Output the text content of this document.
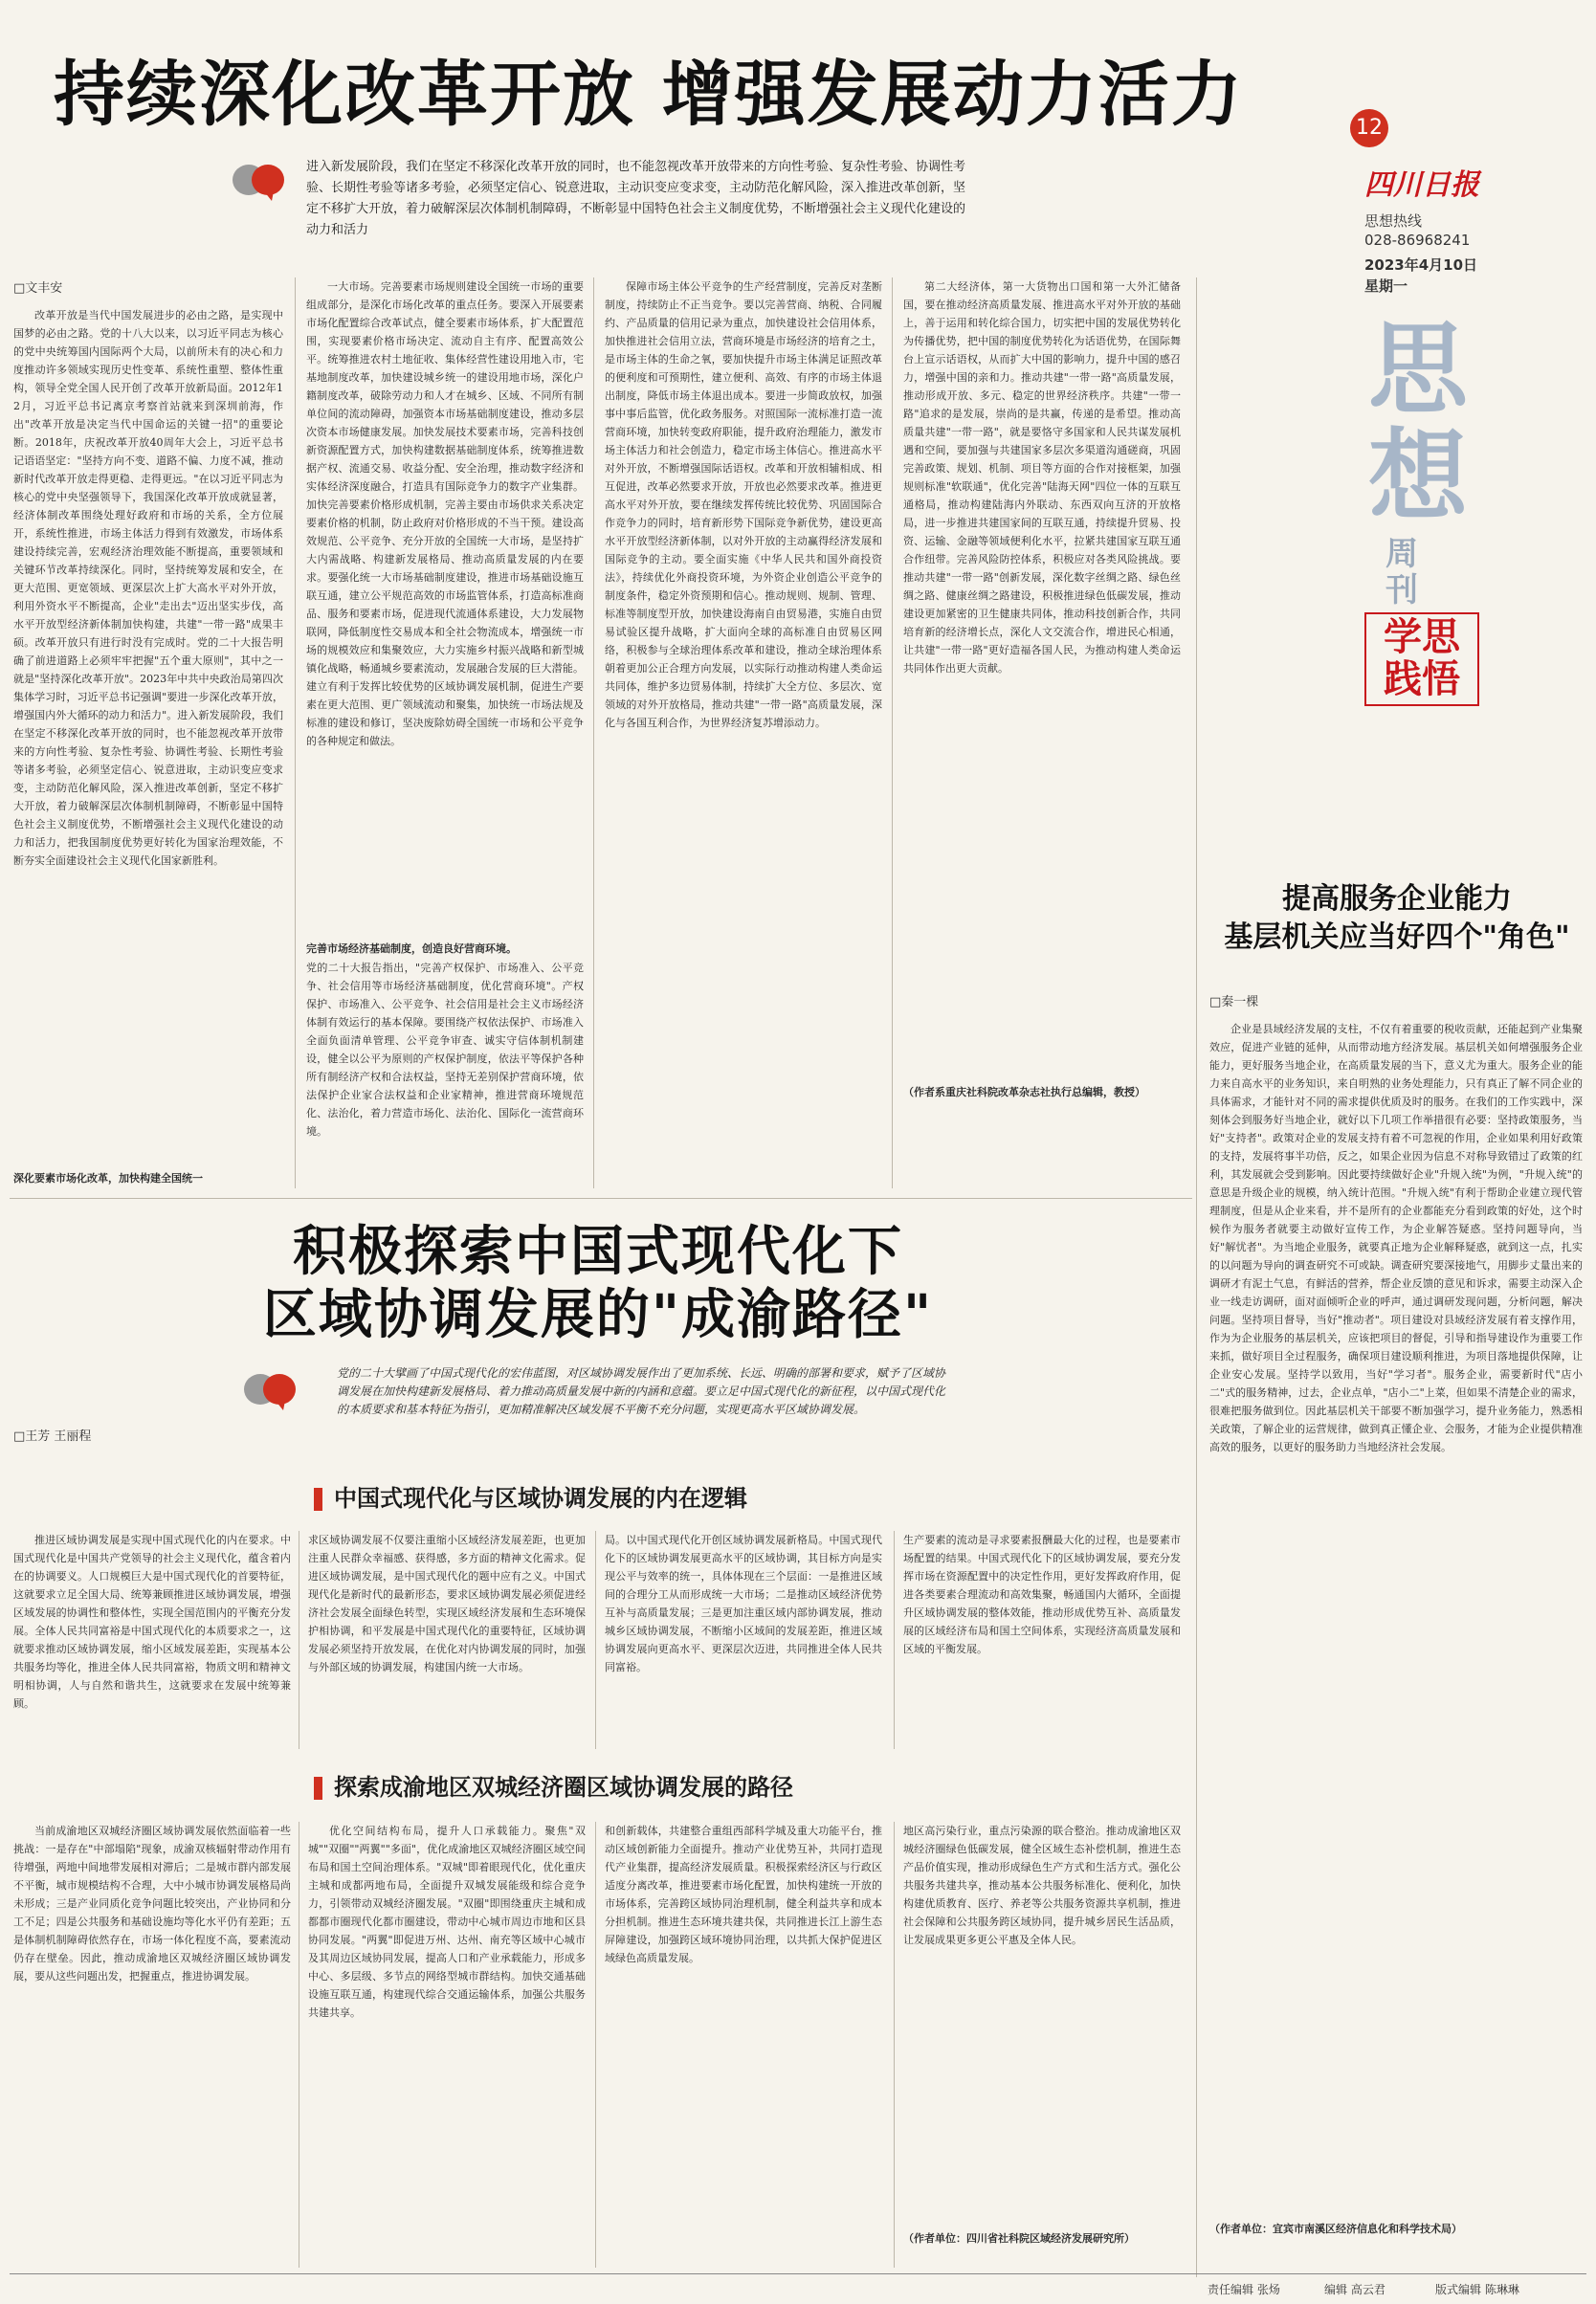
持续深化改革开放 增强发展动力活力	12
四川日报
思想热线
028-86968241
2023年4月10日
星期一
思想
周刊
学思践悟
进入新发展阶段，我们在坚定不移深化改革开放的同时，也不能忽视改革开放带来的方向性考验、复杂性考验、协调性考验、长期性考验等诸多考验，必须坚定信心、锐意进取，主动识变应变求变，主动防范化解风险，深入推进改革创新，坚定不移扩大开放，着力破解深层次体制机制障碍，不断彰显中国特色社会主义制度优势，不断增强社会主义现代化建设的动力和活力
□文丰安
改革开放是当代中国发展进步的必由之路，是实现中国梦的必由之路。党的十八大以来，以习近平同志为核心的党中央统筹国内国际两个大局，以前所未有的决心和力度推动许多领域实现历史性变革、系统性重塑、整体性重构，领导全党全国人民开创了改革开放新局面。2012年12月，习近平总书记离京考察首站就来到深圳前海，作出"改革开放是决定当代中国命运的关键一招"的重要论断。2018年，庆祝改革开放40周年大会上，习近平总书记语语坚定："坚持方向不变、道路不偏、力度不减，推动新时代改革开放走得更稳、走得更远。"在以习近平同志为核心的党中央坚强领导下，我国深化改革开放成就显著，经济体制改革围绕处理好政府和市场的关系，全方位展开，系统性推进，市场主体活力得到有效激发，市场体系建设持续完善，宏观经济治理效能不断提高，重要领域和关键环节改革持续深化。同时，坚持统筹发展和安全，在更大范围、更宽领域、更深层次上扩大高水平对外开放，利用外资水平不断提高，企业"走出去"迈出坚实步伐，高水平开放型经济新体制加快构建，共建"一带一路"成果丰硕。改革开放只有进行时没有完成时。党的二十大报告明确了前进道路上必须牢牢把握"五个重大原则"，其中之一就是"坚持深化改革开放"。2023年中共中央政治局第四次集体学习时，习近平总书记强调"要进一步深化改革开放，增强国内外大循环的动力和活力"。进入新发展阶段，我们在坚定不移深化改革开放的同时，也不能忽视改革开放带来的方向性考验、复杂性考验、协调性考验、长期性考验等诸多考验，必须坚定信心、锐意进取，主动识变应变求变，主动防范化解风险，深入推进改革创新，坚定不移扩大开放，着力破解深层次体制机制障碍，不断彰显中国特色社会主义制度优势，不断增强社会主义现代化建设的动力和活力，把我国制度优势更好转化为国家治理效能，不断夯实全面建设社会主义现代化国家新胜利。
深化要素市场化改革，加快构建全国统一
一大市场。完善要素市场规则建设全国统一市场的重要组成部分，是深化市场化改革的重点任务。要深入开展要素市场化配置综合改革试点，健全要素市场体系，扩大配置范围，实现要素价格市场决定、流动自主有序、配置高效公平。统筹推进农村土地征收、集体经营性建设用地入市，宅基地制度改革，加快建设城乡统一的建设用地市场，深化户籍制度改革，破除劳动力和人才在城乡、区域、不同所有制单位间的流动障碍，加强资本市场基础制度建设，推动多层次资本市场健康发展。加快发展技术要素市场，完善科技创新资源配置方式，加快构建数据基础制度体系，统筹推进数据产权、流通交易、收益分配、安全治理，推动数字经济和实体经济深度融合，打造具有国际竞争力的数字产业集群。加快完善要素价格形成机制，完善主要由市场供求关系决定要素价格的机制，防止政府对价格形成的不当干预。建设高效规范、公平竞争、充分开放的全国统一大市场，是坚持扩大内需战略、构建新发展格局、推动高质量发展的内在要求。要强化统一大市场基础制度建设，推进市场基础设施互联互通，建立公平规范高效的市场监管体系，打造高标准商品、服务和要素市场，促进现代流通体系建设，大力发展物联网，降低制度性交易成本和全社会物流成本，增强统一市场的规模效应和集聚效应，大力实施乡村振兴战略和新型城镇化战略，畅通城乡要素流动，发展融合发展的巨大潜能。建立有利于发挥比较优势的区域协调发展机制，促进生产要素在更大范围、更广领域流动和聚集，加快统一市场法规及标准的建设和修订，坚决废除妨碍全国统一市场和公平竞争的各种规定和做法。
完善市场经济基础制度，创造良好营商环境。
党的二十大报告指出，"完善产权保护、市场准入、公平竞争、社会信用等市场经济基础制度，优化营商环境"。产权保护、市场准入、公平竞争、社会信用是社会主义市场经济体制有效运行的基本保障。要围绕产权依法保护、市场准入全面负面清单管理、公平竞争审查、诚实守信体制机制建设，健全以公平为原则的产权保护制度，依法平等保护各种所有制经济产权和合法权益，坚持无差别保护营商环境，依法保护企业家合法权益和企业家精神，推进营商环境规范化、法治化，着力营造市场化、法治化、国际化一流营商环境。
保障市场主体公平竞争的生产经营制度，完善反对垄断制度，持续防止不正当竞争。要以完善营商、纳税、合同履约、产品质量的信用记录为重点，加快建设社会信用体系，加快推进社会信用立法，营商环境是市场经济的培育之土，是市场主体的生命之氧，要加快提升市场主体满足证照改革的便利度和可预期性，建立便利、高效、有序的市场主体退出制度，降低市场主体退出成本。要进一步简政放权，加强事中事后监管，优化政务服务。对照国际一流标准打造一流营商环境，加快转变政府职能，提升政府治理能力，激发市场主体活力和社会创造力，稳定市场主体信心。推进高水平对外开放，不断增强国际话语权。改革和开放相辅相成、相互促进，改革必然要求开放，开放也必然要求改革。推进更高水平对外开放，要在继续发挥传统比较优势、巩固国际合作竞争力的同时，培育新形势下国际竞争新优势，建设更高水平开放型经济新体制，以对外开放的主动赢得经济发展和国际竞争的主动。要全面实施《中华人民共和国外商投资法》，持续优化外商投资环境，为外资企业创造公平竞争的制度条件，稳定外资预期和信心。推动规则、规制、管理、标准等制度型开放，加快建设海南自由贸易港，实施自由贸易试验区提升战略，扩大面向全球的高标准自由贸易区网络，积极参与全球治理体系改革和建设，推动全球治理体系朝着更加公正合理方向发展，以实际行动推动构建人类命运共同体，维护多边贸易体制，持续扩大全方位、多层次、宽领域的对外开放格局，推动共建"一带一路"高质量发展，深化与各国互利合作，为世界经济复苏增添动力。
第二大经济体，第一大货物出口国和第一大外汇储备国，要在推动经济高质量发展、推进高水平对外开放的基础上，善于运用和转化综合国力，切实把中国的发展优势转化为传播优势，把中国的制度优势转化为话语优势，在国际舞台上宣示话语权，从而扩大中国的影响力，提升中国的感召力，增强中国的亲和力。推动共建"一带一路"高质量发展，推动形成开放、多元、稳定的世界经济秩序。共建"一带一路"追求的是发展，崇尚的是共赢，传递的是希望。推动高质量共建"一带一路"，就是要恪守多国家和人民共谋发展机遇和空间，要加强与共建国家多层次多渠道沟通磋商，巩固完善政策、规划、机制、项目等方面的合作对接框架，加强规则标准"软联通"，优化完善"陆海天网"四位一体的互联互通格局，推动构建陆海内外联动、东西双向互济的开放格局，进一步推进共建国家间的互联互通，持续提升贸易、投资、运输、金融等领域便利化水平，拉紧共建国家互联互通合作纽带。完善风险防控体系，积极应对各类风险挑战。要推动共建"一带一路"创新发展，深化数字丝绸之路、绿色丝绸之路、健康丝绸之路建设，积极推进绿色低碳发展，推动建设更加紧密的卫生健康共同体，推动科技创新合作，共同培育新的经济增长点，深化人文交流合作，增进民心相通，让共建"一带一路"更好造福各国人民，为推动构建人类命运共同体作出更大贡献。
（作者系重庆社科院改革杂志社执行总编辑，教授）
提高服务企业能力
基层机关应当好四个"角色"
□秦一棵
企业是县域经济发展的支柱，不仅有着重要的税收贡献，还能起到产业集聚效应，促进产业链的延伸，从而带动地方经济发展。基层机关如何增强服务企业能力，更好服务当地企业，在高质量发展的当下，意义尤为重大。服务企业的能力来自高水平的业务知识，来自明熟的业务处理能力，只有真正了解不同企业的具体需求，才能针对不同的需求提供优质及时的服务。在我们的工作实践中，深刻体会到服务好当地企业，就好以下几项工作举措很有必要：坚持政策服务，当好"支持者"。政策对企业的发展支持有着不可忽视的作用，企业如果利用好政策的支持，发展将事半功倍，反之，如果企业因为信息不对称导致错过了政策的红利，其发展就会受到影响。因此要持续做好企业"升规入统"为例，"升规入统"的意思是升级企业的规模，纳入统计范围。"升规入统"有利于帮助企业建立现代管理制度，但是从企业来看，并不是所有的企业都能充分看到政策的好处，这个时候作为服务者就要主动做好宣传工作，为企业解答疑惑。坚持问题导向，当好"解忧者"。为当地企业服务，就要真正地为企业解释疑惑，就到这一点，扎实的以问题为导向的调查研究不可或缺。调查研究要深接地气，用脚步丈量出来的调研才有泥土气息，有鲜活的营养，帮企业反馈的意见和诉求，需要主动深入企业一线走访调研，面对面倾听企业的呼声，通过调研发现问题，分析问题，解决问题。坚持项目督导，当好"推动者"。项目建设对县域经济发展有着支撑作用，作为为企业服务的基层机关，应该把项目的督促，引导和指导建设作为重要工作来抓，做好项目全过程服务，确保项目建设顺利推进，为项目落地提供保障，让企业安心发展。坚持学以致用，当好"学习者"。服务企业，需要新时代"店小二"式的服务精神，过去，企业点单，"店小二"上菜，但如果不清楚企业的需求，很难把服务做到位。因此基层机关干部要不断加强学习，提升业务能力，熟悉相关政策，了解企业的运营规律，做到真正懂企业、会服务，才能为企业提供精准高效的服务，以更好的服务助力当地经济社会发展。
（作者单位：宜宾市南溪区经济信息化和科学技术局）
积极探索中国式现代化下
区域协调发展的"成渝路径"
党的二十大擘画了中国式现代化的宏伟蓝图，对区域协调发展作出了更加系统、长远、明确的部署和要求，赋予了区域协调发展在加快构建新发展格局、着力推动高质量发展中新的内涵和意蕴。要立足中国式现代化的新征程，以中国式现代化的本质要求和基本特征为指引，更加精准解决区域发展不平衡不充分问题，实现更高水平区域协调发展。
□王芳 王丽程
中国式现代化与区域协调发展的内在逻辑
推进区域协调发展是实现中国式现代化的内在要求。中国式现代化是中国共产党领导的社会主义现代化，蕴含着内在的协调要义。人口规模巨大是中国式现代化的首要特征，这就要求立足全国大局、统筹兼顾推进区域协调发展，增强区域发展的协调性和整体性，实现全国范围内的平衡充分发展。全体人民共同富裕是中国式现代化的本质要求之一，这就要求推动区域协调发展，缩小区域发展差距，实现基本公共服务均等化，推进全体人民共同富裕，物质文明和精神文明相协调，人与自然和谐共生，这就要求在发展中统筹兼顾。
求区域协调发展不仅要注重缩小区域经济发展差距，也更加注重人民群众幸福感、获得感，多方面的精神文化需求。促进区域协调发展，是中国式现代化的题中应有之义。中国式现代化是新时代的最新形态，要求区域协调发展必须促进经济社会发展全面绿色转型，实现区域经济发展和生态环境保护相协调，和平发展是中国式现代化的重要特征，区域协调发展必须坚持开放发展，在优化对内协调发展的同时，加强与外部区域的协调发展，构建国内统一大市场。
局。以中国式现代化开创区域协调发展新格局。中国式现代化下的区域协调发展更高水平的区域协调，其目标方向是实现公平与效率的统一，具体体现在三个层面：一是推进区域间的合理分工从而形成统一大市场；二是推动区域经济优势互补与高质量发展；三是更加注重区域内部协调发展，推动城乡区域协调发展，不断缩小区域间的发展差距，推进区域协调发展向更高水平、更深层次迈进，共同推进全体人民共同富裕。
生产要素的流动是寻求要素报酬最大化的过程，也是要素市场配置的结果。中国式现代化下的区域协调发展，要充分发挥市场在资源配置中的决定性作用，更好发挥政府作用，促进各类要素合理流动和高效集聚，畅通国内大循环，全面提升区域协调发展的整体效能，推动形成优势互补、高质量发展的区域经济布局和国土空间体系，实现经济高质量发展和区域的平衡发展。
探索成渝地区双城经济圈区域协调发展的路径
当前成渝地区双城经济圈区域协调发展依然面临着一些挑战：一是存在"中部塌陷"现象，成渝双核辐射带动作用有待增强，两地中间地带发展相对滞后；二是城市群内部发展不平衡，城市规模结构不合理，大中小城市协调发展格局尚未形成；三是产业同质化竞争问题比较突出，产业协同和分工不足；四是公共服务和基础设施均等化水平仍有差距；五是体制机制障碍依然存在，市场一体化程度不高，要素流动仍存在壁垒。因此，推动成渝地区双城经济圈区域协调发展，要从这些问题出发，把握重点，推进协调发展。
优化空间结构布局，提升人口承载能力。聚焦"双城""双圈""两翼""多面"，优化成渝地区双城经济圈区域空间布局和国土空间治理体系。"双城"即着眼现代化，优化重庆主城和成都两地布局，全面提升双城发展能级和综合竞争力，引领带动双城经济圈发展。"双圈"即围绕重庆主城和成都都市圈现代化都市圈建设，带动中心城市周边市地和区县协同发展。"两翼"即促进万州、达州、南充等区域中心城市及其周边区域协同发展，提高人口和产业承载能力，形成多中心、多层级、多节点的网络型城市群结构。加快交通基础设施互联互通，构建现代综合交通运输体系，加强公共服务共建共享。
和创新载体，共建整合重组西部科学城及重大功能平台，推动区域创新能力全面提升。推动产业优势互补，共同打造现代产业集群，提高经济发展质量。积极探索经济区与行政区适度分离改革，推进要素市场化配置，加快构建统一开放的市场体系，完善跨区域协同治理机制，健全利益共享和成本分担机制。推进生态环境共建共保，共同推进长江上游生态屏障建设，加强跨区域环境协同治理，以共抓大保护促进区域绿色高质量发展。
地区高污染行业，重点污染源的联合整治。推动成渝地区双城经济圈绿色低碳发展，健全区域生态补偿机制，推进生态产品价值实现，推动形成绿色生产方式和生活方式。强化公共服务共建共享，推动基本公共服务标准化、便利化，加快构建优质教育、医疗、养老等公共服务资源共享机制，推进社会保障和公共服务跨区域协同，提升城乡居民生活品质，让发展成果更多更公平惠及全体人民。
（作者单位：四川省社科院区域经济发展研究所）
责任编辑 张炀	编辑 高云君	版式编辑 陈琳琳
